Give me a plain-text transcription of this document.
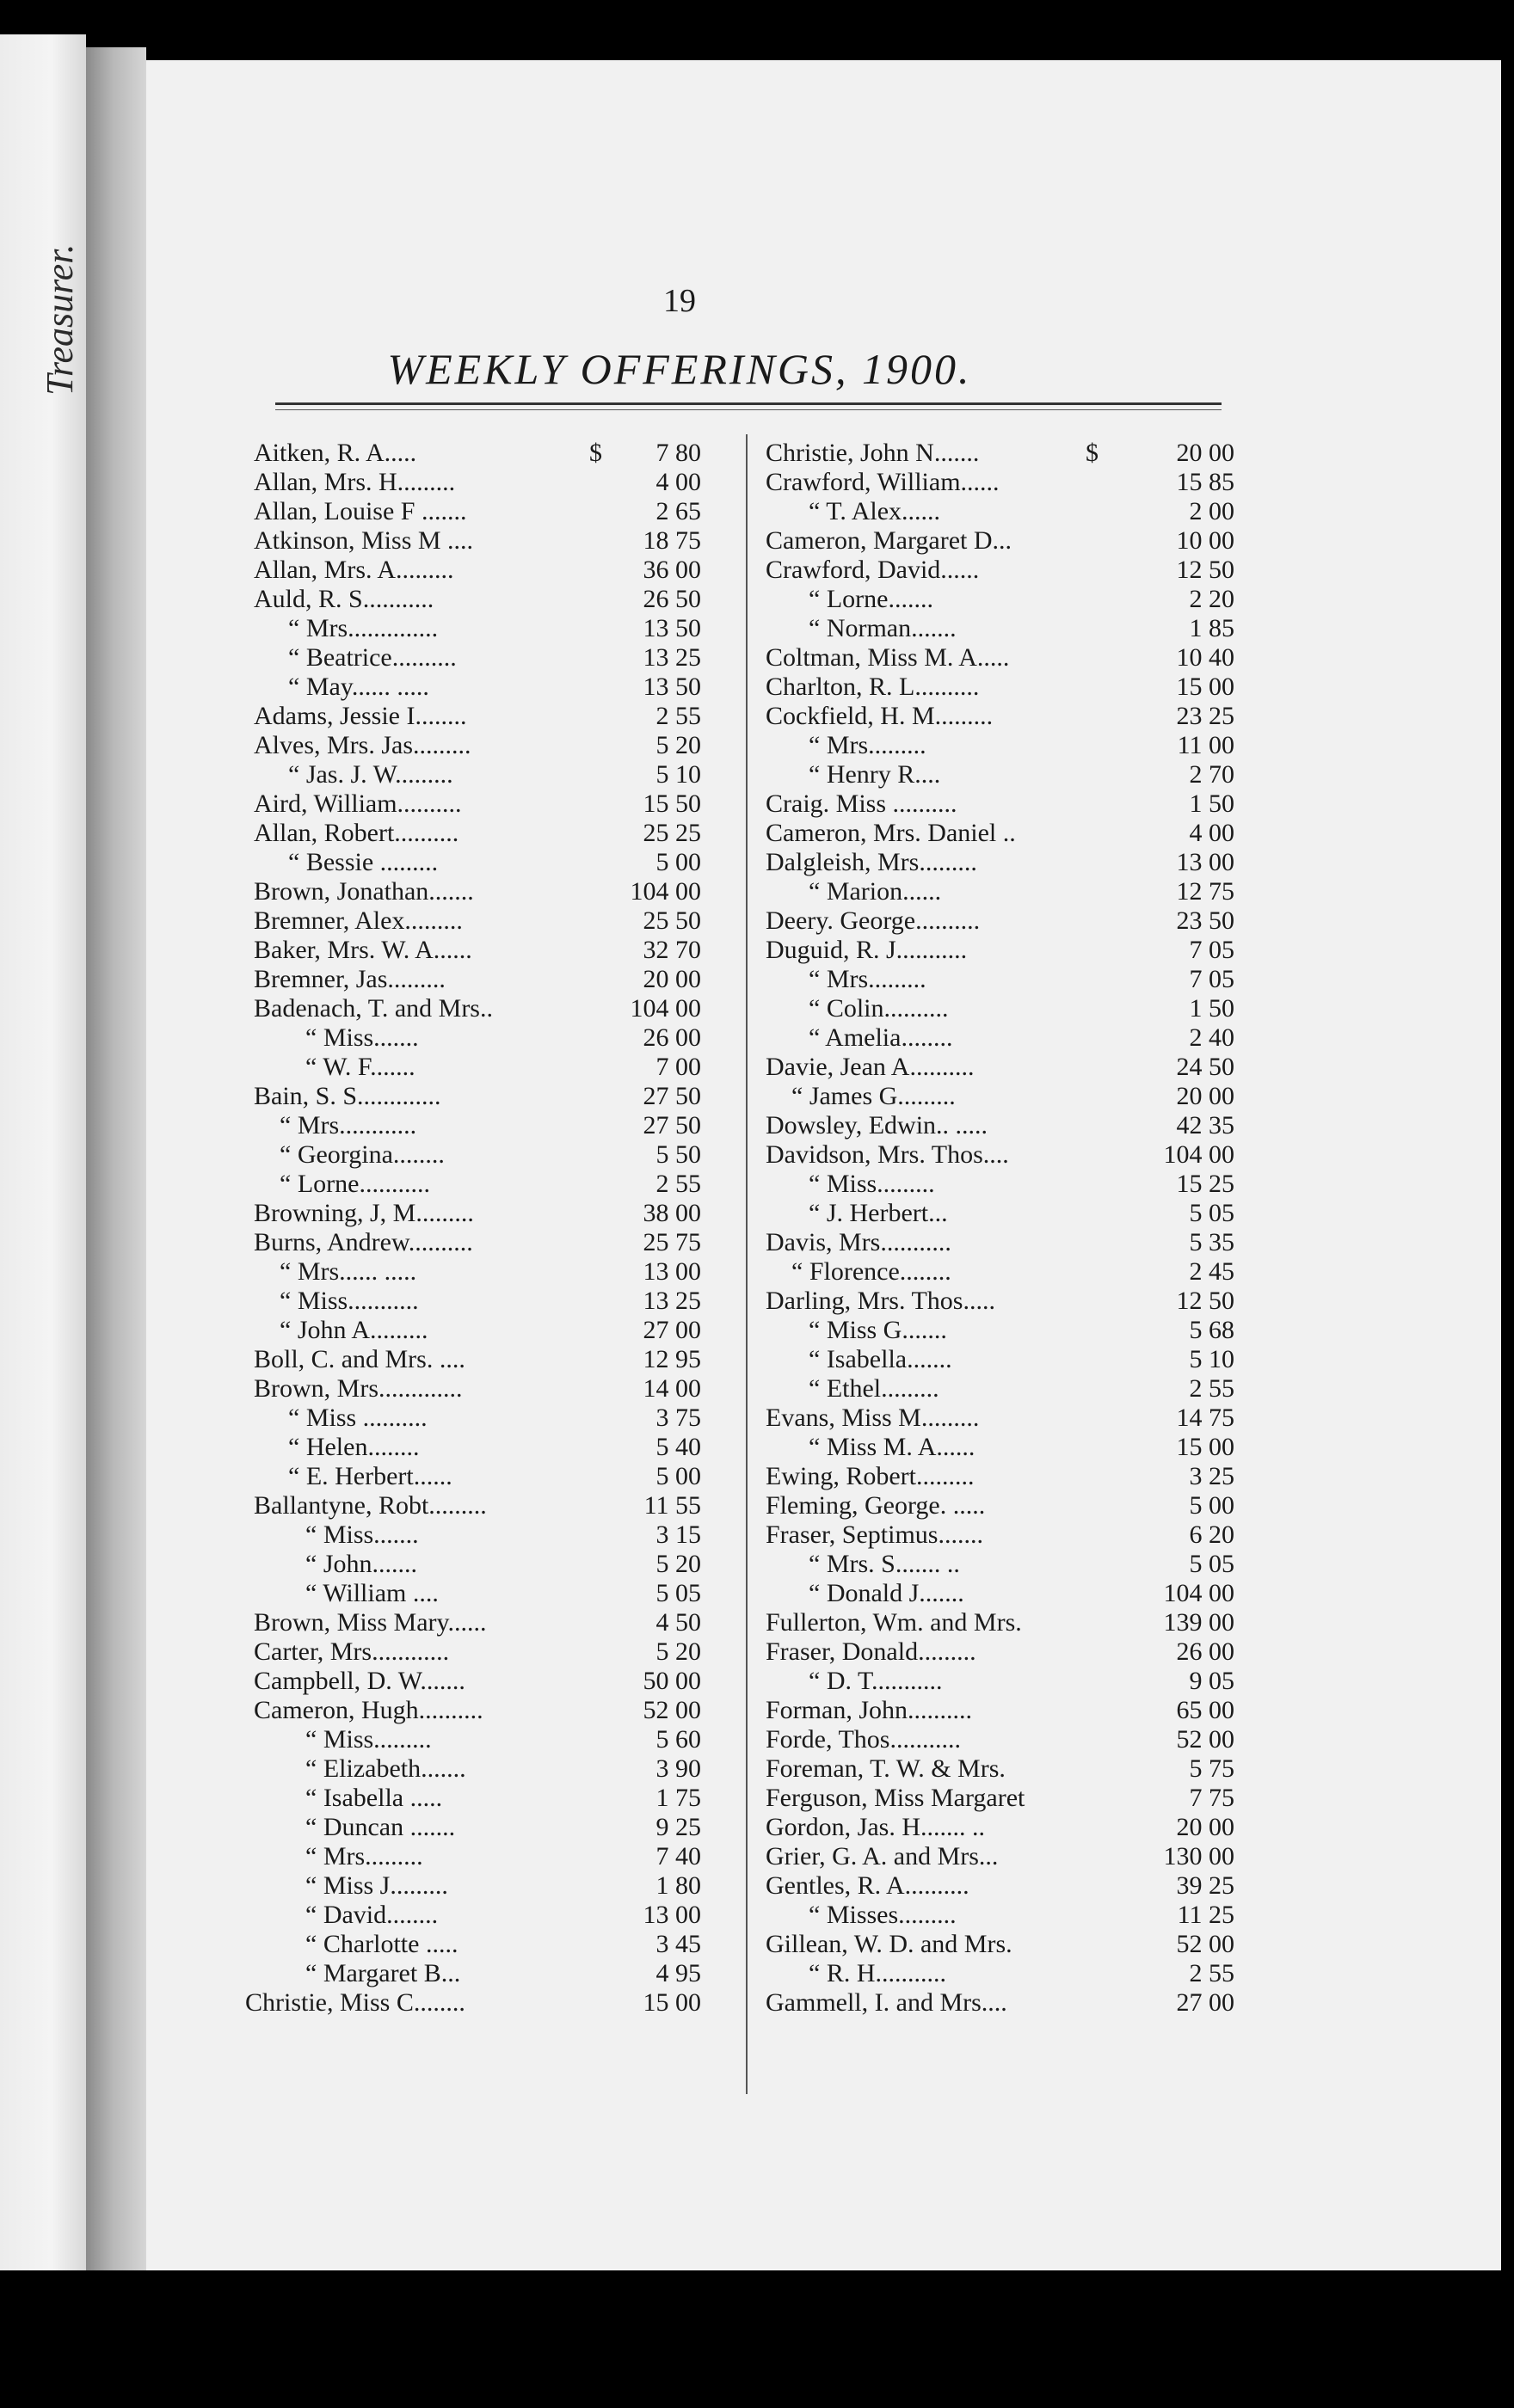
Treasurer.	19
WEEKLY OFFERINGS, 1900.
Aitken, R. A.....	$	7 80
Allan, Mrs. H.........	4 00
Allan, Louise F .......	2 65
Atkinson, Miss M ....	18 75
Allan, Mrs. A.........	36 00
Auld, R. S...........	26 50
“ Mrs..............	13 50
“ Beatrice..........	13 25
“ May...... .....	13 50
Adams, Jessie I........	2 55
Alves, Mrs. Jas.........	5 20
“ Jas. J. W.........	5 10
Aird, William..........	15 50
Allan, Robert..........	25 25
“ Bessie .........	5 00
Brown, Jonathan.......	104 00
Bremner, Alex.........	25 50
Baker, Mrs. W. A......	32 70
Bremner, Jas.........	20 00
Badenach, T. and Mrs..	104 00
“ Miss.......	26 00
“ W. F.......	7 00
Bain, S. S.............	27 50
“ Mrs............	27 50
“ Georgina........	5 50
“ Lorne...........	2 55
Browning, J, M.........	38 00
Burns, Andrew..........	25 75
“ Mrs...... .....	13 00
“ Miss...........	13 25
“ John A.........	27 00
Boll, C. and Mrs. ....	12 95
Brown, Mrs.............	14 00
“ Miss ..........	3 75
“ Helen........	5 40
“ E. Herbert......	5 00
Ballantyne, Robt.........	11 55
“ Miss.......	3 15
“ John.......	5 20
“ William ....	5 05
Brown, Miss Mary......	4 50
Carter, Mrs............	5 20
Campbell, D. W.......	50 00
Cameron, Hugh..........	52 00
“ Miss.........	5 60
“ Elizabeth.......	3 90
“ Isabella .....	1 75
“ Duncan .......	9 25
“ Mrs.........	7 40
“ Miss J.........	1 80
“ David........	13 00
“ Charlotte .....	3 45
“ Margaret B...	4 95
Christie, Miss C........	15 00
Christie, John N.......	$	20 00
Crawford, William......	15 85
“ T. Alex......	2 00
Cameron, Margaret D...	10 00
Crawford, David......	12 50
“ Lorne.......	2 20
“ Norman.......	1 85
Coltman, Miss M. A.....	10 40
Charlton, R. L..........	15 00
Cockfield, H. M.........	23 25
“ Mrs.........	11 00
“ Henry R....	2 70
Craig. Miss ..........	1 50
Cameron, Mrs. Daniel ..	4 00
Dalgleish, Mrs.........	13 00
“ Marion......	12 75
Deery. George..........	23 50
Duguid, R. J...........	7 05
“ Mrs.........	7 05
“ Colin..........	1 50
“ Amelia........	2 40
Davie, Jean A..........	24 50
“ James G.........	20 00
Dowsley, Edwin.. .....	42 35
Davidson, Mrs. Thos....	104 00
“ Miss.........	15 25
“ J. Herbert...	5 05
Davis, Mrs...........	5 35
“ Florence........	2 45
Darling, Mrs. Thos.....	12 50
“ Miss G.......	5 68
“ Isabella.......	5 10
“ Ethel.........	2 55
Evans, Miss M.........	14 75
“ Miss M. A......	15 00
Ewing, Robert.........	3 25
Fleming, George. .....	5 00
Fraser, Septimus.......	6 20
“ Mrs. S....... ..	5 05
“ Donald J.......	104 00
Fullerton, Wm. and Mrs.	139 00
Fraser, Donald.........	26 00
“ D. T...........	9 05
Forman, John..........	65 00
Forde, Thos...........	52 00
Foreman, T. W. & Mrs.	5 75
Ferguson, Miss Margaret	7 75
Gordon, Jas. H....... ..	20 00
Grier, G. A. and Mrs...	130 00
Gentles, R. A..........	39 25
“ Misses.........	11 25
Gillean, W. D. and Mrs.	52 00
“ R. H...........	2 55
Gammell, I. and Mrs....	27 00
